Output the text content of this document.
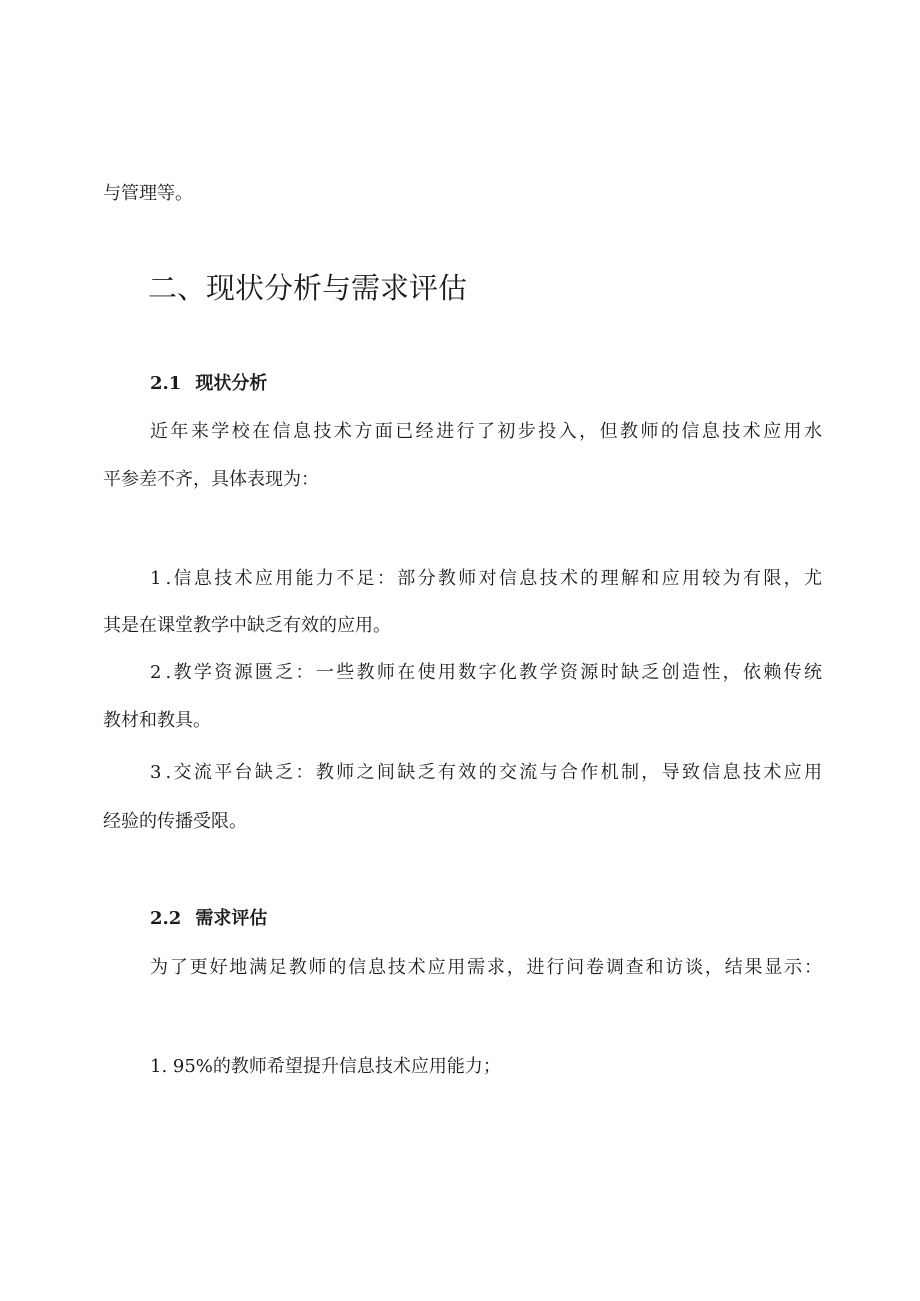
与管理等。
二、现状分析与需求评估
2.1 现状分析
近年来学校在信息技术方面已经进行了初步投入，但教师的信息技术应用水
平参差不齐，具体表现为：
1 .信息技术应用能力不足：部分教师对信息技术的理解和应用较为有限，尤
其是在课堂教学中缺乏有效的应用。
2 .教学资源匮乏：一些教师在使用数字化教学资源时缺乏创造性，依赖传统
教材和教具。
3 .交流平台缺乏：教师之间缺乏有效的交流与合作机制，导致信息技术应用
经验的传播受限。
2.2 需求评估
为了更好地满足教师的信息技术应用需求，进行问卷调查和访谈，结果显示：
1. 95%的教师希望提升信息技术应用能力；
